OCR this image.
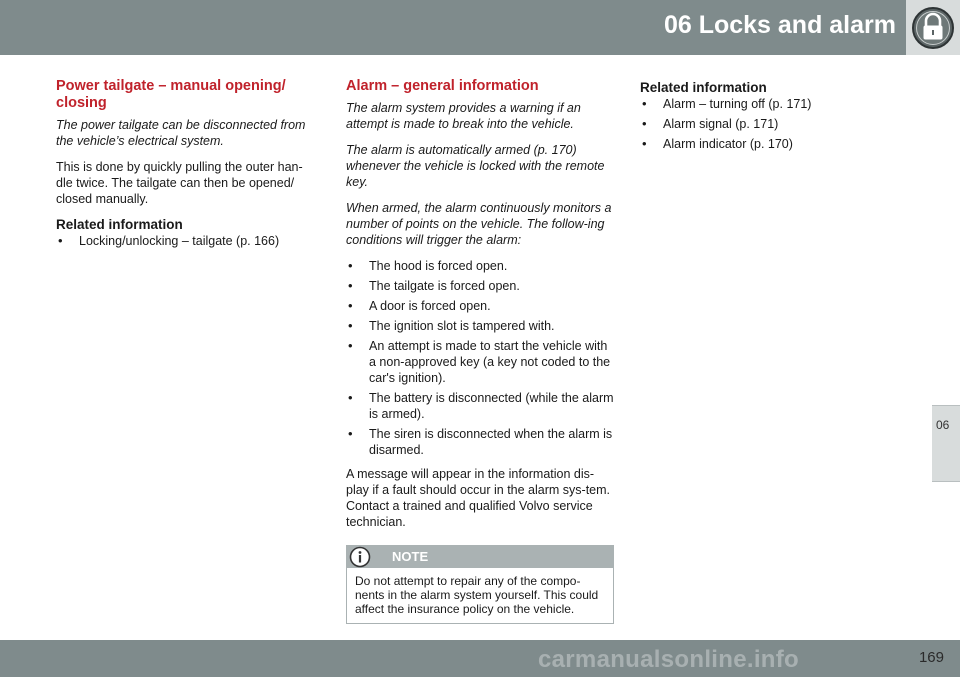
06 Locks and alarm
06
Power tailgate – manual opening/ closing

The power tailgate can be disconnected from the vehicle’s electrical system.

This is done by quickly pulling the outer han-dle twice. The tailgate can then be opened/ closed manually.

Related information
• Locking/unlocking – tailgate (p. 166)
Alarm – general information

The alarm system provides a warning if an attempt is made to break into the vehicle.

The alarm is automatically armed (p. 170) whenever the vehicle is locked with the remote key.

When armed, the alarm continuously monitors a number of points on the vehicle. The follow-ing conditions will trigger the alarm:

• The hood is forced open.
• The tailgate is forced open.
• A door is forced open.
• The ignition slot is tampered with.
• An attempt is made to start the vehicle with a non-approved key (a key not coded to the car's ignition).
• The battery is disconnected (while the alarm is armed).
• The siren is disconnected when the alarm is disarmed.

A message will appear in the information dis-play if a fault should occur in the alarm sys-tem. Contact a trained and qualified Volvo service technician.

NOTE
Do not attempt to repair any of the compo-nents in the alarm system yourself. This could affect the insurance policy on the vehicle.
Related information
• Alarm – turning off (p. 171)
• Alarm signal (p. 171)
• Alarm indicator (p. 170)
169
carmanualsonline.info
